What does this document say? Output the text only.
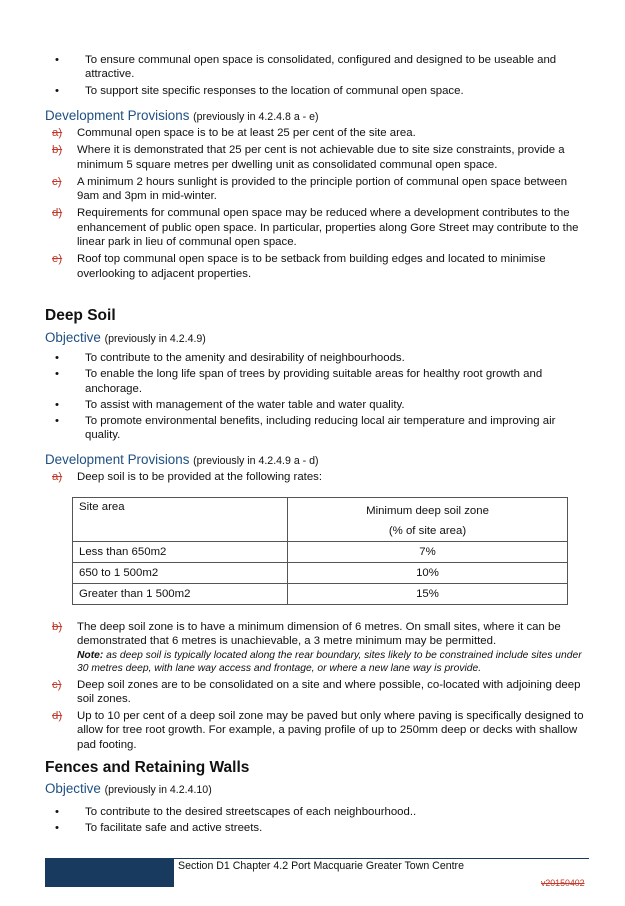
•	To ensure communal open space is consolidated, configured and designed to be useable and attractive.
•	To support site specific responses to the location of communal open space.
Development Provisions (previously in 4.2.4.8 a - e)
a)	Communal open space is to be at least 25 per cent of the site area.
b)	Where it is demonstrated that 25 per cent is not achievable due to site size constraints, provide a minimum 5 square metres per dwelling unit as consolidated communal open space.
c)	A minimum 2 hours sunlight is provided to the principle portion of communal open space between 9am and 3pm in mid-winter.
d)	Requirements for communal open space may be reduced where a development contributes to the enhancement of public open space. In particular, properties along Gore Street may contribute to the linear park in lieu of communal open space.
e)	Roof top communal open space is to be setback from building edges and located to minimise overlooking to adjacent properties.
Deep Soil
Objective (previously in 4.2.4.9)
•	To contribute to the amenity and desirability of neighbourhoods.
•	To enable the long life span of trees by providing suitable areas for healthy root growth and anchorage.
•	To assist with management of the water table and water quality.
•	To promote environmental benefits, including reducing local air temperature and improving air quality.
Development Provisions (previously in 4.2.4.9 a - d)
a)	Deep soil is to be provided at the following rates:
Site area	Minimum deep soil zone
(% of site area)
Less than 650m2	7%
650 to 1 500m2	10%
Greater than 1 500m2	15%
b)	The deep soil zone is to have a minimum dimension of 6 metres. On small sites, where it can be demonstrated that 6 metres is unachievable, a 3 metre minimum may be permitted.
Note: as deep soil is typically located along the rear boundary, sites likely to be constrained include sites under 30 metres deep, with lane way access and frontage, or where a new lane way is provide.
c)	Deep soil zones are to be consolidated on a site and where possible, co-located with adjoining deep soil zones.
d)	Up to 10 per cent of a deep soil zone may be paved but only where paving is specifically designed to allow for tree root growth. For example, a paving profile of up to 250mm deep or decks with shallow pad footing.
Fences and Retaining Walls
Objective (previously in 4.2.4.10)
•	To contribute to the desired streetscapes of each neighbourhood..
•	To facilitate safe and active streets.
Section D1 Chapter 4.2 Port Macquarie Greater Town Centre
v20150402
